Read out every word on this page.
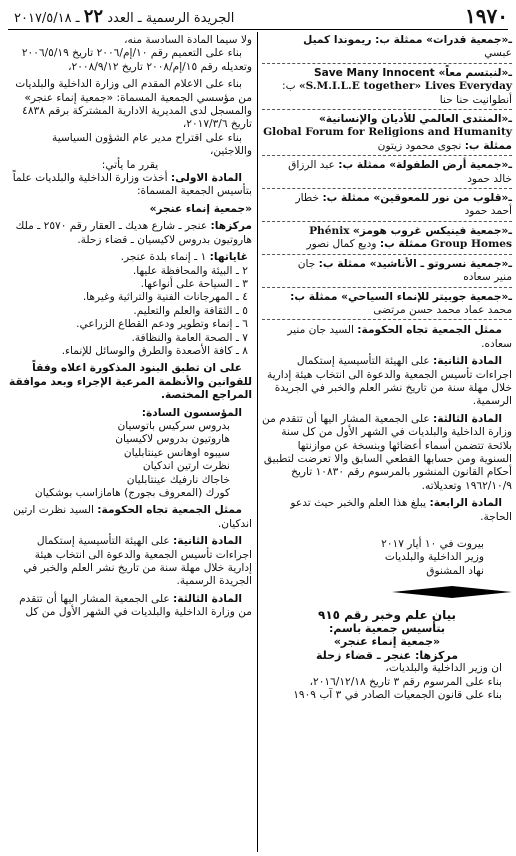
١٩٧٠
الجريدة الرسمية ـ العدد ٢٢ ـ ٢٠١٧/٥/١٨

ـ«جمعية قدرات» ممثلة ب: ريموندا كميل

عبسي

ـ«لنبتسم معاً» Save Many Innocent

«S.M.I.L.E together» Lives Everyday ب:

أنطوانيت حنا حنا

ـ«المنتدى العالمي للأديان والإنسانية»

Global Forum for Religions and Humanity

ممثلة ب: نجوى محمود زيتون

ـ«جمعية أرض الطفولة» ممثلة ب: عبد الرزاق

خالد حمود

ـ«قلوب من نور للمعوقين» ممثلة ب: خطار

أحمد حمود

ـ«جمعية فينيكس غروب هومز» Phénix

Group Homes ممثلة ب: وديع كمال نصور

ـ«جمعية نسروتو ـ الأناشيد» ممثلة ب: جان

منير سعاده

ـ«جمعية جوبيتر للإنماء السياحي» ممثلة ب:

محمد عماد محمد حسن مرتضى

ممثل الجمعية تجاه الحكومة: السيد جان منير سعاده.

المادة الثانية: على الهيئة التأسيسية إستكمال اجراءات تأسيس الجمعية والدعوة الى انتخاب هيئة إدارية خلال مهلة سنة من تاريخ نشر العلم والخبر في الجريدة الرسمية.

المادة الثالثة: على الجمعية المشار اليها أن تتقدم من وزارة الداخلية والبلديات في الشهر الأول من كل سنة بلائحة تتضمن أسماء أعضائها وبنسخة عن موازنتها السنوية ومن حسابها القطعي السابق والا تعرضت لتطبيق أحكام القانون المنشور بالمرسوم رقم ١٠٨٣٠ تاريخ ١٩٦٢/١٠/٩ وتعديلاته.

المادة الرابعة: يبلغ هذا العلم والخبر حيث تدعو الحاجة.

بيروت في ١٠ أيار ٢٠١٧

وزير الداخلية والبلديات

نهاد المشنوق

بيان علم وخبر رقم ٩١٥

بتأسيس جمعية باسم:

«جمعية إنماء عنجر»

مركزها: عنجر ـ قضاء زحلة

ان وزير الداخلية والبلديات،

بناء على المرسوم رقم ٣ تاريخ ٢٠١٦/١٢/١٨،

بناء على قانون الجمعيات الصادر في ٣ آب ١٩٠٩

ولا سيما المادة السادسة منه،

بناء على التعميم رقم ١٠/إم/٢٠٠٦ تاريخ ٢٠٠٦/٥/١٩ وتعديله رقم ١٥/إم/٢٠٠٨ تاريخ ٢٠٠٨/٩/١٢،

بناء على الاعلام المقدم الى وزارة الداخلية والبلديات من مؤسسي الجمعية المسماة: «جمعية إنماء عنجر» والمسجل لدى المديرية الادارية المشتركة برقم ٤٨٣٨ تاريخ ٢٠١٧/٣/٦،

بناء على اقتراح مدير عام الشؤون السياسية واللاجئين،

يقرر ما يأتي:

المادة الاولى: أخذت وزارة الداخلية والبلديات علماً بتأسيس الجمعية المسماة:

«جمعية إنماء عنجر»

مركزها: عنجر ـ شارع هديك ـ العقار رقم ٢٥٧٠ ـ ملك هاروتيون بدروس لاكيسيان ـ قضاء زحلة.

غاياتها: ١ ـ إنماء بلدة عنجر.

٢ ـ البيئة والمحافظة عليها.

٣ ـ السياحة على أنواعها.

٤ ـ المهرجانات الفنية والتراثية وغيرها.

٥ ـ الثقافة والعلم والتعليم.

٦ ـ إنماء وتطوير ودعم القطاع الزراعي.

٧ ـ الصحة العامة والنظافة.

٨ ـ كافة الأصعدة والطرق والوسائل للإنماء.

على ان تطبق البنود المذكورة اعلاه وفقاً للقوانين والأنظمة المرعية الإجراء وبعد موافقة المراجع المختصة.

المؤسسون السادة:

بدروس سركيس باتوسيان

هاروتيون بدروس لاكيسيان

سيبوه اوهانس عينتابليان

نظرت ارتين اندكيان

خاجاك نارفيك عينتابليان

كورك (المعروف بجورج) هامازاسب بوشكيان

ممثل الجمعية تجاه الحكومة: السيد نظرت ارتين اندكيان.

المادة الثانية: على الهيئة التأسيسية إستكمال اجراءات تأسيس الجمعية والدعوة الى انتخاب هيئة إدارية خلال مهلة سنة من تاريخ نشر العلم والخبر في الجريدة الرسمية.

المادة الثالثة: على الجمعية المشار اليها أن تتقدم من وزارة الداخلية والبلديات في الشهر الأول من كل
